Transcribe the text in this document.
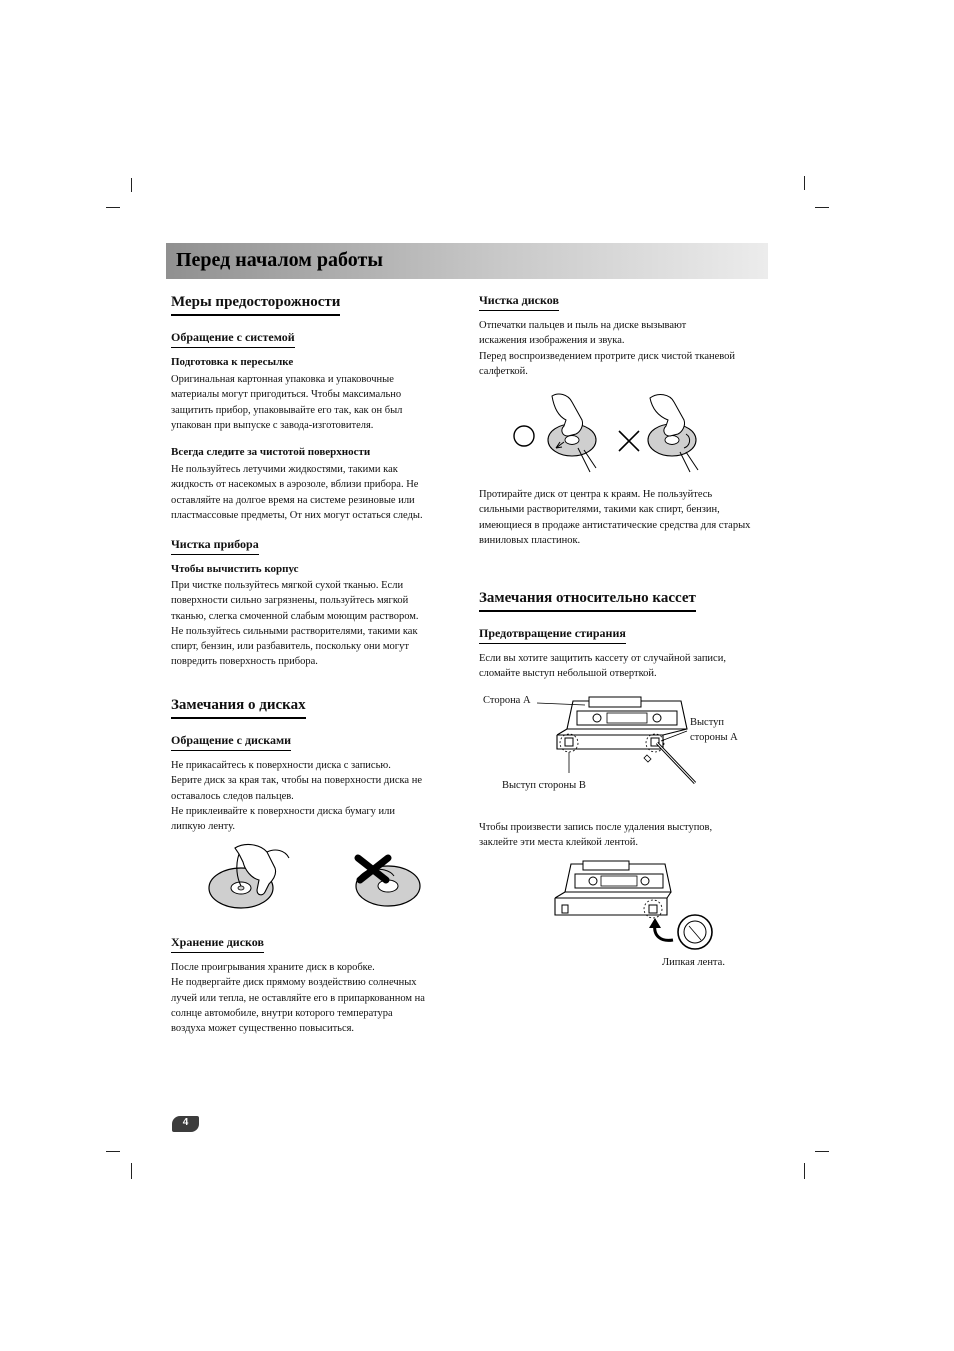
Перед началом работы
Меры предосторожности
Обращение с системой
Подготовка к пересылке
Оригинальная картонная упаковка и упаковочные
материалы могут пригодиться. Чтобы максимально
защитить прибор, упаковывайте его так, как он был
упакован при выпуске с завода-изготовителя.
Всегда следите за чистотой поверхности
Не пользуйтесь летучими жидкостями, такими как
жидкость от насекомых в аэрозоле, вблизи прибора. Не
оставляйте на долгое время на системе резиновые или
пластмассовые предметы, От них могут остаться следы.
Чистка прибора
Чтобы вычистить корпус
При чистке пользуйтесь мягкой сухой тканью. Если
поверхности сильно загрязнены, пользуйтесь мягкой
тканью, слегка смоченной слабым моющим раствором.
Не пользуйтесь сильными растворителями, такими как
спирт, бензин, или разбавитель, поскольку они могут
повредить поверхность прибора.
Замечания о дисках
Обращение с дисками
Не прикасайтесь к поверхности диска с записью.
Берите диск за края так, чтобы на поверхности диска не
оставалось следов пальцев.
Не приклеивайте к поверхности диска бумагу или
липкую ленту.
Хранение дисков
После проигрывания храните диск в коробке.
Не подвергайте диск прямому воздействию солнечных
лучей или тепла, не оставляйте его в припаркованном на
солнце автомобиле, внутри которого температура
воздуха может существенно повыситься.
Чистка дисков
Отпечатки пальцев и пыль на диске вызывают
искажения изображения и звука.
Перед воспроизведением протрите диск чистой тканевой
салфеткой.
Протирайте диск от центра к краям. Не пользуйтесь
сильными растворителями, такими как спирт, бензин,
имеющиеся в продаже антистатические средства для старых
виниловых пластинок.
Замечания относительно кассет
Предотвращение стирания
Если вы хотите защитить кассету от случайной записи,
сломайте выступ небольшой отверткой.
Сторона A
Выступ
стороны A
Выступ стороны B
Чтобы произвести запись после удаления выступов,
заклейте эти места клейкой лентой.
Липкая лента.
4
